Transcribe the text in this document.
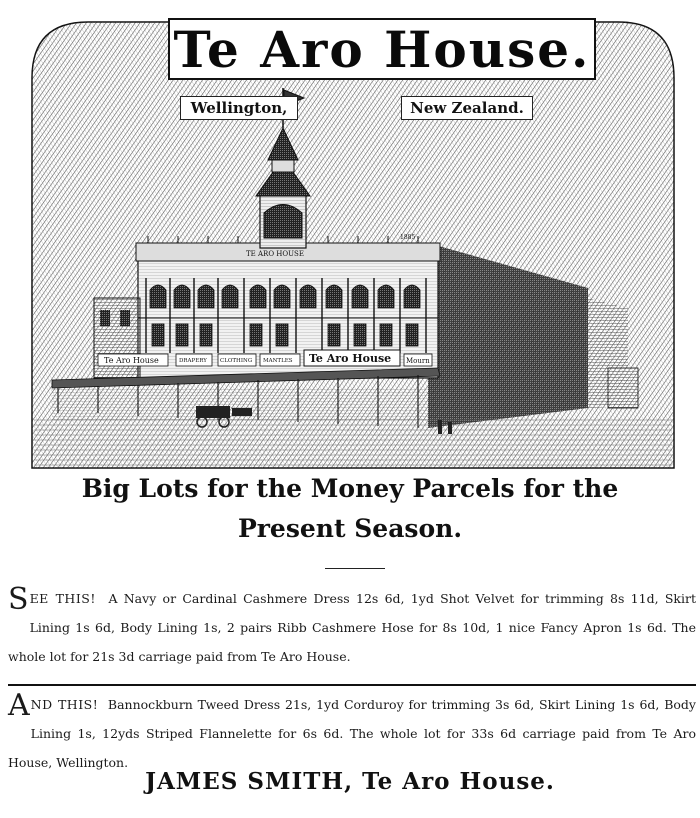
1885
TE ARO HOUSE
Te Aro House	DRAPERY CLOTHING MANTLES Te Aro House Mourn
Te Aro House.
Wellington,	New Zealand.
Big Lots for the Money Parcels for the
Present Season.
SEE THIS! A Navy or Cardinal Cashmere Dress 12s 6d, 1yd Shot Velvet for trimming 8s 11d, Skirt Lining 1s 6d, Body Lining 1s, 2 pairs Ribb Cashmere Hose for 8s 10d, 1 nice Fancy Apron 1s 6d. The whole lot for 21s 3d carriage paid from Te Aro House.
AND THIS! Bannockburn Tweed Dress 21s, 1yd Corduroy for trimming 3s 6d, Skirt Lining 1s 6d, Body Lining 1s, 12yds Striped Flannelette for 6s 6d. The whole lot for 33s 6d carriage paid from Te Aro House, Wellington.
JAMES SMITH, Te Aro House.
